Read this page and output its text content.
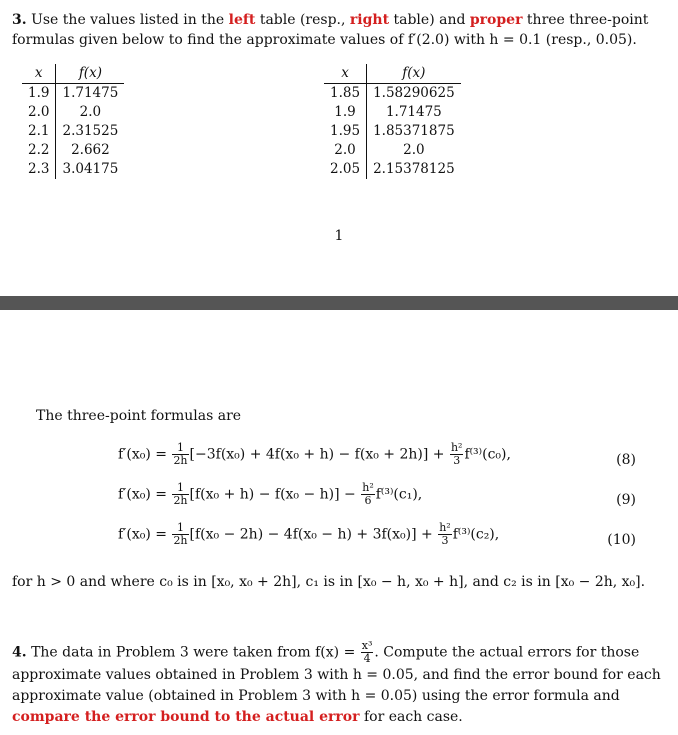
3. Use the values listed in the left table (resp., right table) and proper three three-point formulas given below to find the approximate values of f′(2.0) with h = 0.1 (resp., 0.05).
x	f(x)
1.9	1.71475
2.0	2.0
2.1	2.31525
2.2	2.662
2.3	3.04175
x	f(x)
1.85	1.58290625
1.9	1.71475
1.95	1.85371875
2.0	2.0
2.05	2.15378125
1
The three-point formulas are
$f'(x_0) = \frac{1}{2h} [-3f(x_0) + 4f(x_0 + h) - f(x_0 + 2h)] + \frac{\text{h²}}{3} f^{(3)}(c_0)$,	(8)
$f'(x_0) = \frac{1}{2h} [f(x_0 + h) - f(x_0 - h)] - \frac{\text{h²}}{6} f^{(3)}(c_1)$,	(9)
$f'(x_0) = \frac{1}{2h} [f(x_0 - 2h) - 4f(x_0 - h) + 3f(x_0)] + \frac{\text{h²}}{3} f^{(3)}(c_2)$,	(10)
for h > 0 and where c₀ is in [x₀, x₀ + 2h], c₁ is in [x₀ − h, x₀ + h], and c₂ is in [x₀ − 2h, x₀].
4. The data in Problem 3 were taken from $f(x) = \frac{\text{x³}}{4}$ . Compute the actual errors for those approximate values obtained in Problem 3 with h = 0.05, and find the error bound for each approximate value (obtained in Problem 3 with h = 0.05) using the error formula and compare the error bound to the actual error for each case.
